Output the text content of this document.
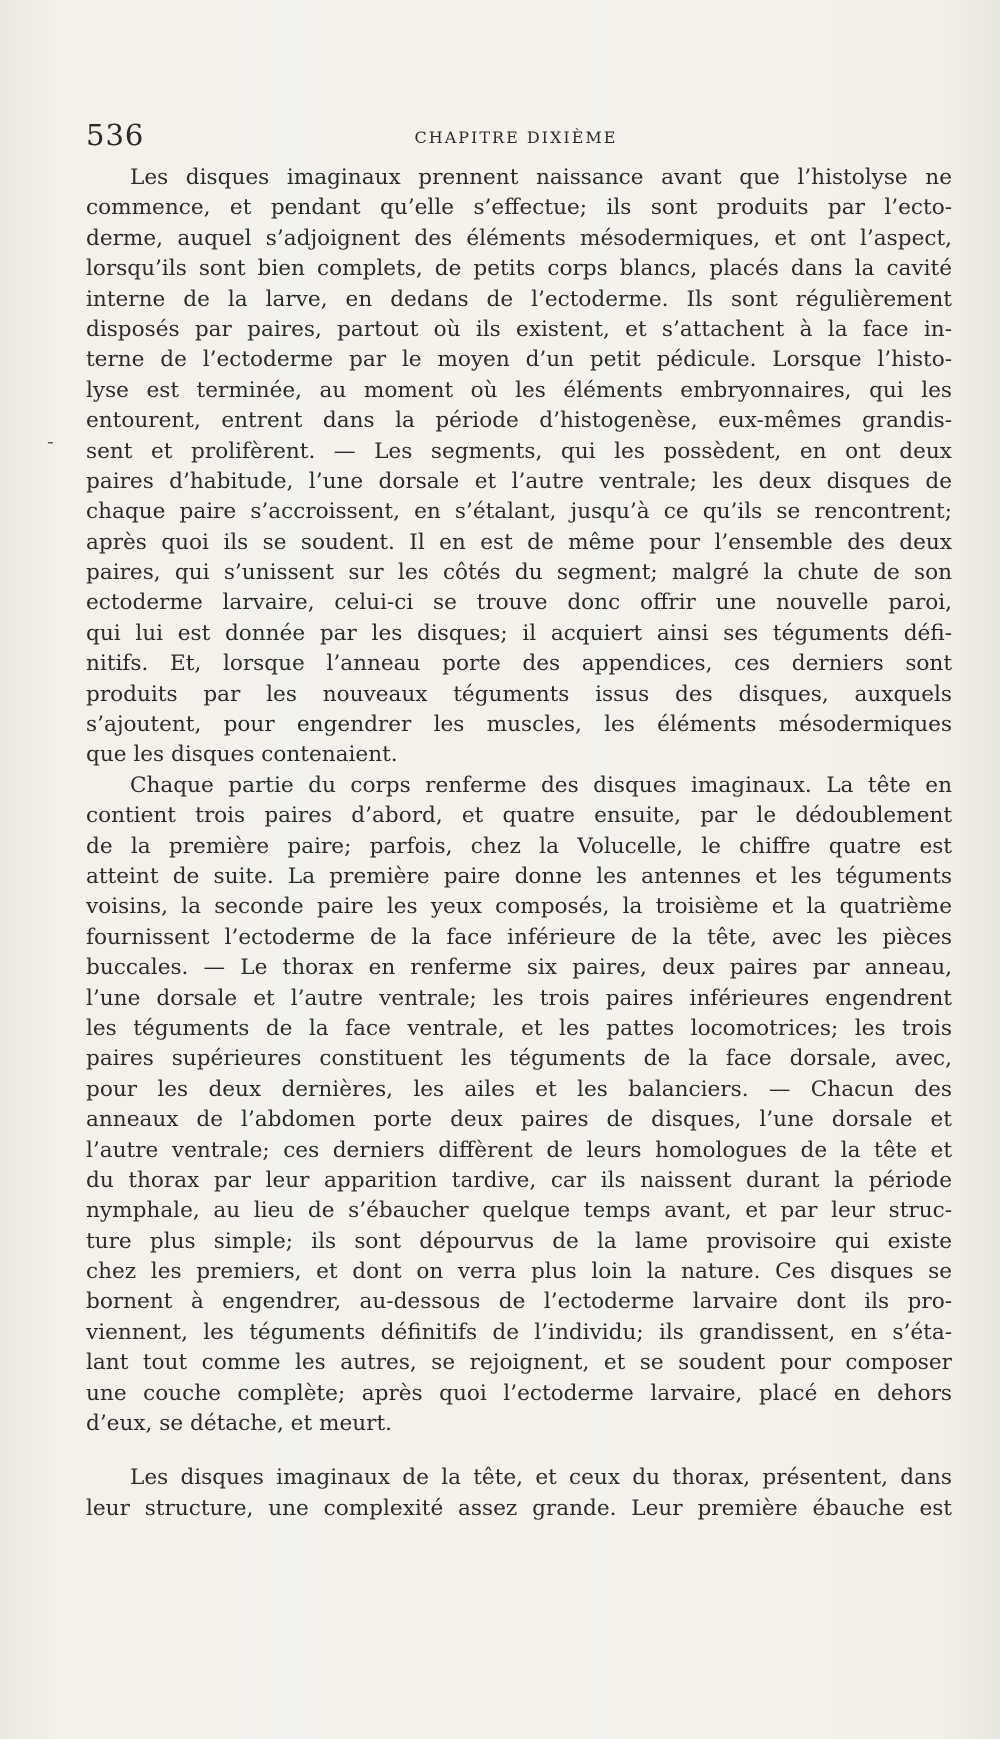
536	CHAPITRE DIXIÈME
-

Les disques imaginaux prennent naissance avant que l’histolyse ne
commence, et pendant qu’elle s’effectue; ils sont produits par l’ecto-
derme, auquel s’adjoignent des éléments mésodermiques, et ont l’aspect,
lorsqu’ils sont bien complets, de petits corps blancs, placés dans la cavité
interne de la larve, en dedans de l’ectoderme. Ils sont régulièrement
disposés par paires, partout où ils existent, et s’attachent à la face in-
terne de l’ectoderme par le moyen d’un petit pédicule. Lorsque l’histo-
lyse est terminée, au moment où les éléments embryonnaires, qui les
entourent, entrent dans la période d’histogenèse, eux-mêmes grandis-
sent et prolifèrent. — Les segments, qui les possèdent, en ont deux
paires d’habitude, l’une dorsale et l’autre ventrale; les deux disques de
chaque paire s’accroissent, en s’étalant, jusqu’à ce qu’ils se rencontrent;
après quoi ils se soudent. Il en est de même pour l’ensemble des deux
paires, qui s’unissent sur les côtés du segment; malgré la chute de son
ectoderme larvaire, celui-ci se trouve donc offrir une nouvelle paroi,
qui lui est donnée par les disques; il acquiert ainsi ses téguments défi-
nitifs. Et, lorsque l’anneau porte des appendices, ces derniers sont
produits par les nouveaux téguments issus des disques, auxquels
s’ajoutent, pour engendrer les muscles, les éléments mésodermiques
que les disques contenaient.

Chaque partie du corps renferme des disques imaginaux. La tête en
contient trois paires d’abord, et quatre ensuite, par le dédoublement
de la première paire; parfois, chez la Volucelle, le chiffre quatre est
atteint de suite. La première paire donne les antennes et les téguments
voisins, la seconde paire les yeux composés, la troisième et la quatrième
fournissent l’ectoderme de la face inférieure de la tête, avec les pièces
buccales. — Le thorax en renferme six paires, deux paires par anneau,
l’une dorsale et l’autre ventrale; les trois paires inférieures engendrent
les téguments de la face ventrale, et les pattes locomotrices; les trois
paires supérieures constituent les téguments de la face dorsale, avec,
pour les deux dernières, les ailes et les balanciers. — Chacun des
anneaux de l’abdomen porte deux paires de disques, l’une dorsale et
l’autre ventrale; ces derniers diffèrent de leurs homologues de la tête et
du thorax par leur apparition tardive, car ils naissent durant la période
nymphale, au lieu de s’ébaucher quelque temps avant, et par leur struc-
ture plus simple; ils sont dépourvus de la lame provisoire qui existe
chez les premiers, et dont on verra plus loin la nature. Ces disques se
bornent à engendrer, au-dessous de l’ectoderme larvaire dont ils pro-
viennent, les téguments définitifs de l’individu; ils grandissent, en s’éta-
lant tout comme les autres, se rejoignent, et se soudent pour composer
une couche complète; après quoi l’ectoderme larvaire, placé en dehors
d’eux, se détache, et meurt.

Les disques imaginaux de la tête, et ceux du thorax, présentent, dans
leur structure, une complexité assez grande. Leur première ébauche est
